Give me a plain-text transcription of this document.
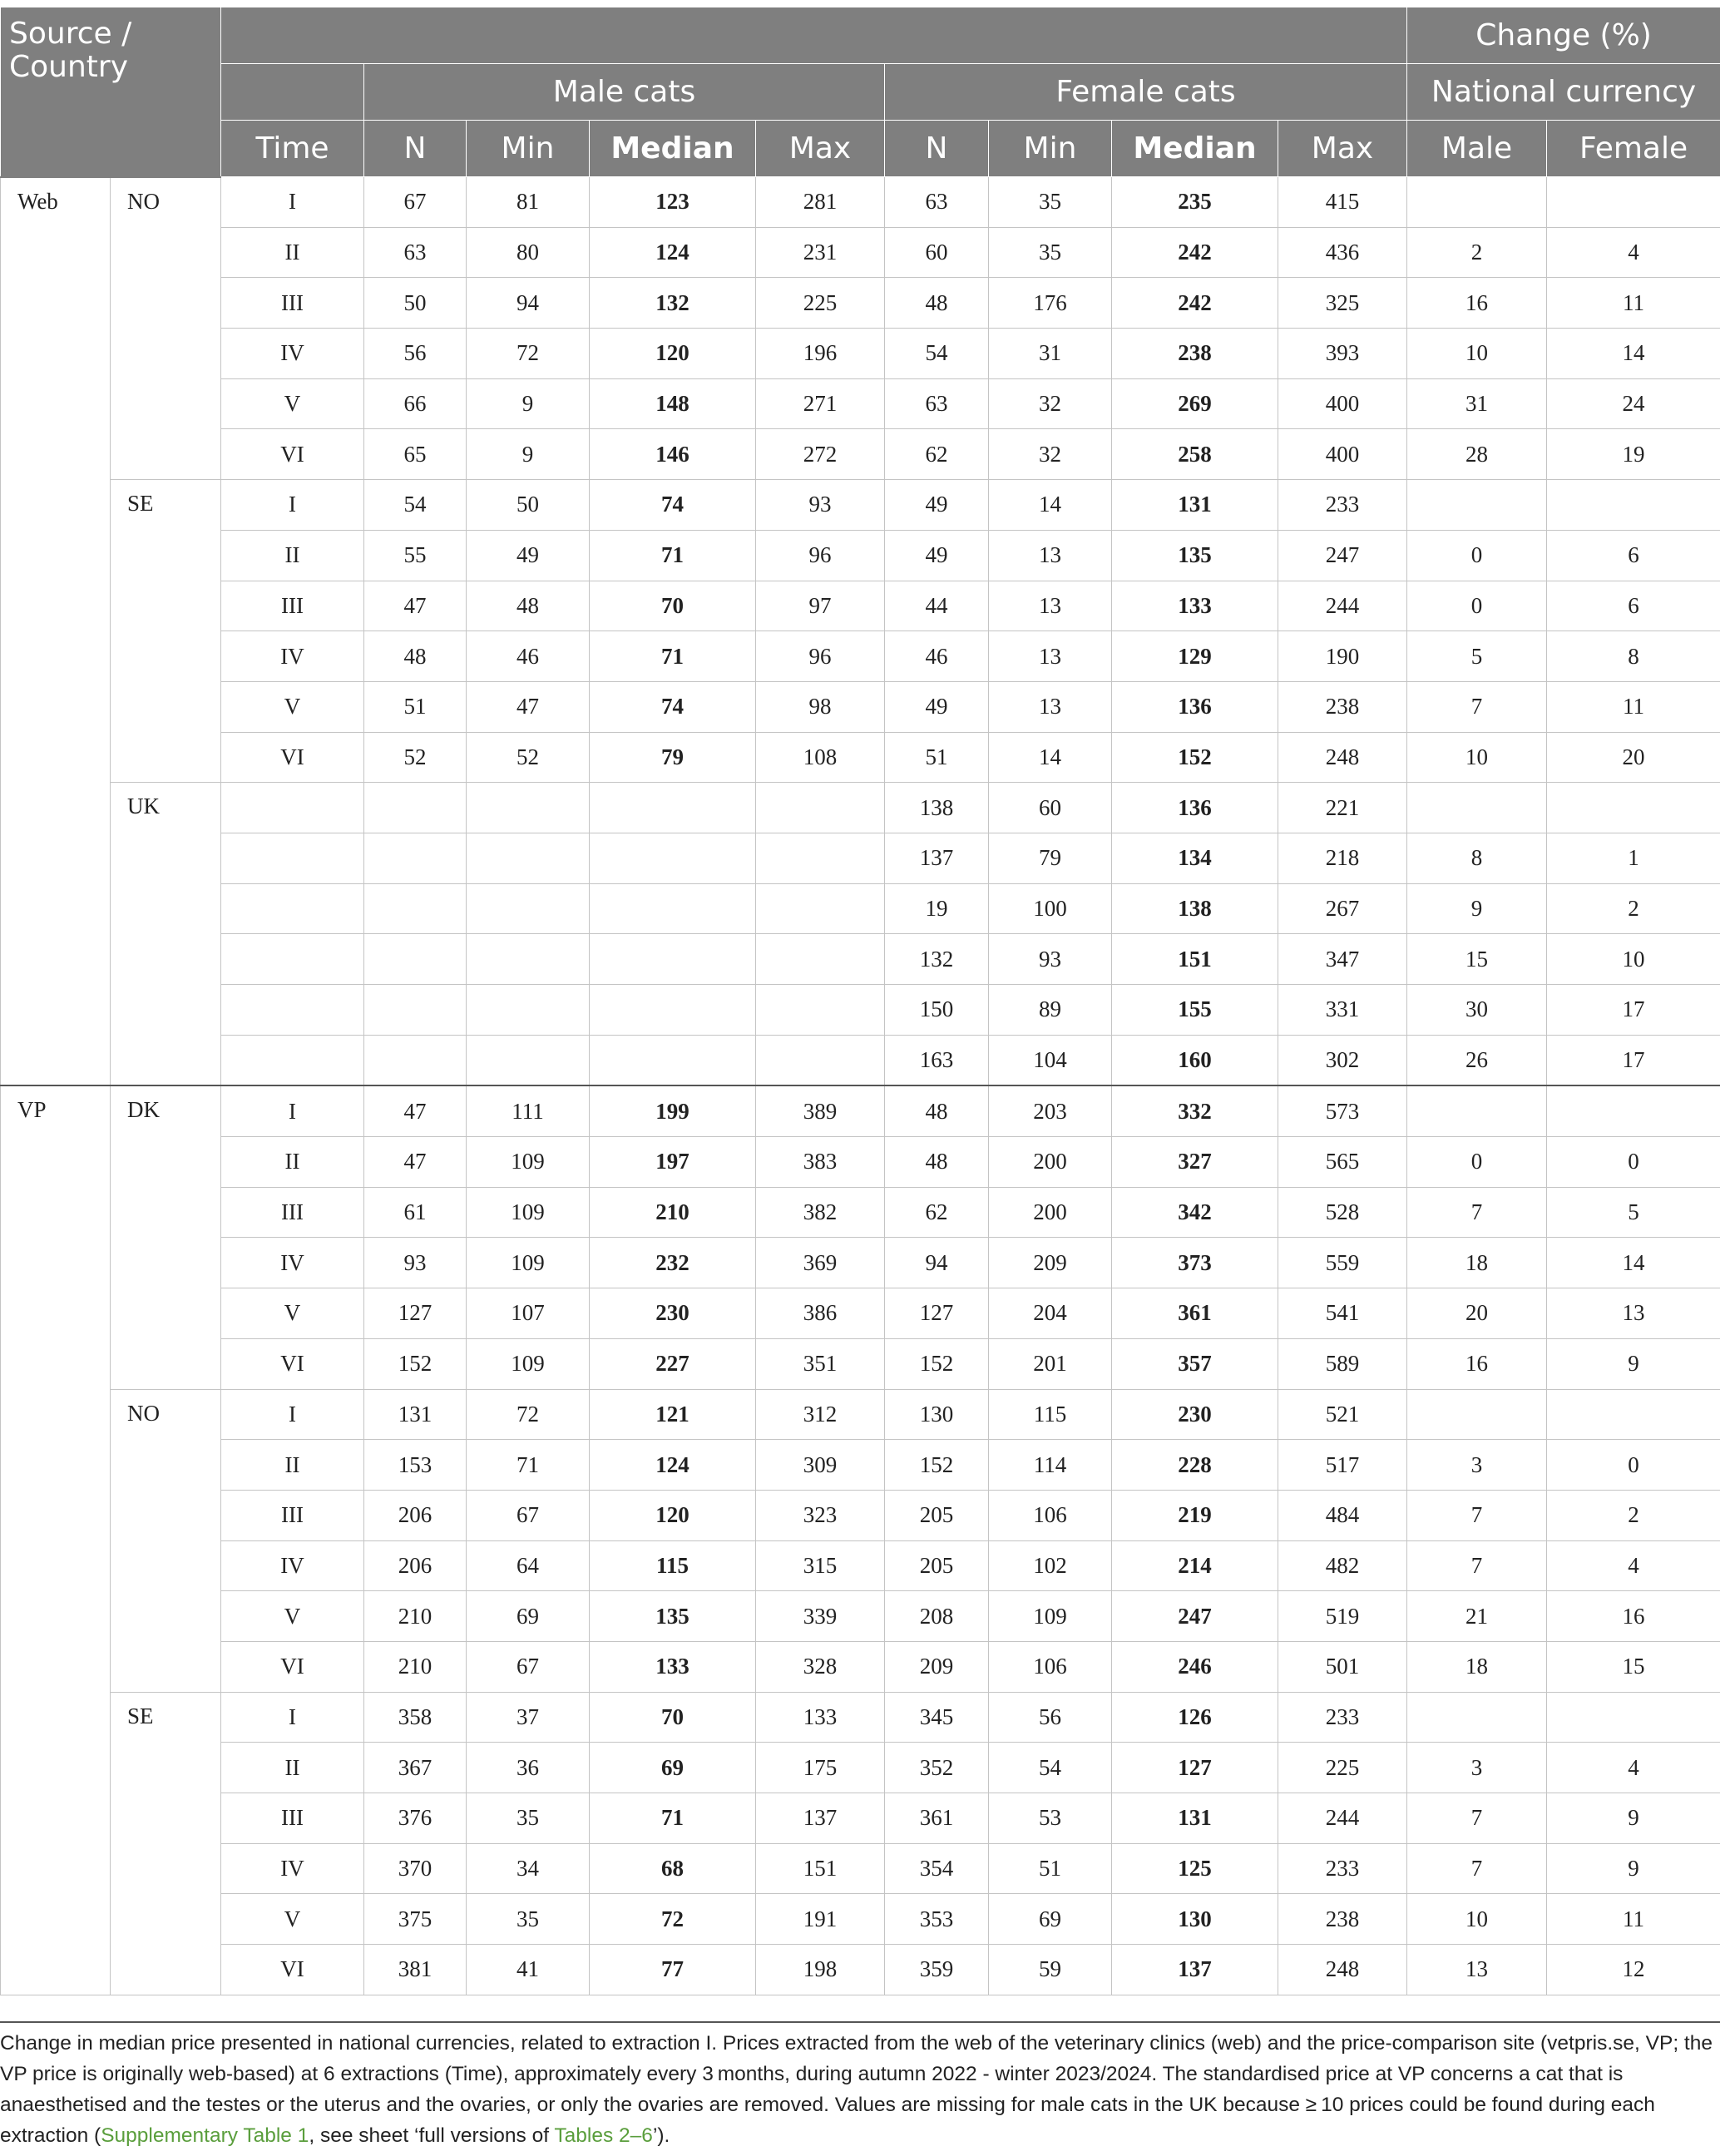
Source /
Country											Change (%)	
			Male cats				Female cats				National currency	
		Time	N	Min	Median	Max	N	Min	Median	Max	Male	Female
Web	NO	I	67	81	123	281	63	35	235	415		
		II	63	80	124	231	60	35	242	436	2	4
		III	50	94	132	225	48	176	242	325	16	11
		IV	56	72	120	196	54	31	238	393	10	14
		V	66	9	148	271	63	32	269	400	31	24
		VI	65	9	146	272	62	32	258	400	28	19
	SE	I	54	50	74	93	49	14	131	233		
		II	55	49	71	96	49	13	135	247	0	6
		III	47	48	70	97	44	13	133	244	0	6
		IV	48	46	71	96	46	13	129	190	5	8
		V	51	47	74	98	49	13	136	238	7	11
		VI	52	52	79	108	51	14	152	248	10	20
	UK						138	60	136	221		
							137	79	134	218	8	1
							19	100	138	267	9	2
							132	93	151	347	15	10
							150	89	155	331	30	17
							163	104	160	302	26	17
VP	DK	I	47	111	199	389	48	203	332	573		
		II	47	109	197	383	48	200	327	565	0	0
		III	61	109	210	382	62	200	342	528	7	5
		IV	93	109	232	369	94	209	373	559	18	14
		V	127	107	230	386	127	204	361	541	20	13
		VI	152	109	227	351	152	201	357	589	16	9
	NO	I	131	72	121	312	130	115	230	521		
		II	153	71	124	309	152	114	228	517	3	0
		III	206	67	120	323	205	106	219	484	7	2
		IV	206	64	115	315	205	102	214	482	7	4
		V	210	69	135	339	208	109	247	519	21	16
		VI	210	67	133	328	209	106	246	501	18	15
	SE	I	358	37	70	133	345	56	126	233		
		II	367	36	69	175	352	54	127	225	3	4
		III	376	35	71	137	361	53	131	244	7	9
		IV	370	34	68	151	354	51	125	233	7	9
		V	375	35	72	191	353	69	130	238	10	11
		VI	381	41	77	198	359	59	137	248	13	12

Change in median price presented in national currencies, related to extraction I. Prices extracted from the web of the veterinary clinics (web) and the price-comparison site (vetpris.se, VP; the VP price is originally web-based) at 6 extractions (Time), approximately every 3 months, during autumn 2022 - winter 2023/2024. The standardised price at VP concerns a cat that is anaesthetised and the testes or the uterus and the ovaries, or only the ovaries are removed. Values are missing for male cats in the UK because ≥ 10 prices could be found during each extraction (Supplementary Table 1, see sheet ‘full versions of Tables 2–6’).
